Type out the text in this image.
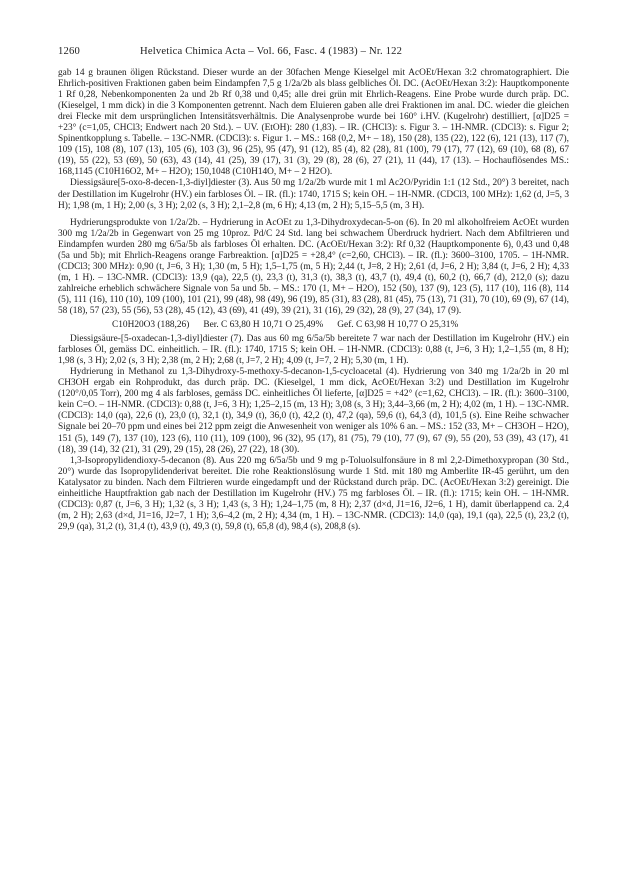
1260	Helvetica Chimica Acta – Vol. 66, Fasc. 4 (1983) – Nr. 122

gab 14 g braunen öligen Rückstand. Dieser wurde an der 30fachen Menge Kieselgel mit AcOEt/Hexan 3:2 chromatographiert. Die Ehrlich-positiven Fraktionen gaben beim Eindampfen 7,5 g 1/2a/2b als blass gelbliches Öl. DC. (AcOEt/Hexan 3:2): Hauptkomponente 1 Rf 0,28, Nebenkomponenten 2a und 2b Rf 0,38 und 0,45; alle drei grün mit Ehrlich-Reagens. Eine Probe wurde durch präp. DC. (Kieselgel, 1 mm dick) in die 3 Komponenten getrennt. Nach dem Eluieren gaben alle drei Fraktionen im anal. DC. wieder die gleichen drei Flecke mit dem ursprünglichen Intensitätsverhältnis. Die Analysenprobe wurde bei 160° i.HV. (Kugelrohr) destilliert, [α]D25 = +23° (c=1,05, CHCl3; Endwert nach 20 Std.). – UV. (EtOH): 280 (1,83). – IR. (CHCl3): s. Figur 3. – 1H-NMR. (CDCl3): s. Figur 2; Spinentkopplung s. Tabelle. – 13C-NMR. (CDCl3): s. Figur 1. – MS.: 168 (0,2, M+ – 18), 150 (28), 135 (22), 122 (6), 121 (13), 117 (7), 109 (15), 108 (8), 107 (13), 105 (6), 103 (3), 96 (25), 95 (47), 91 (12), 85 (4), 82 (28), 81 (100), 79 (17), 77 (12), 69 (10), 68 (8), 67 (19), 55 (22), 53 (69), 50 (63), 43 (14), 41 (25), 39 (17), 31 (3), 29 (8), 28 (6), 27 (21), 11 (44), 17 (13). – Hochauflösendes MS.: 168,1145 (C10H16O2, M+ – H2O); 150,1048 (C10H14O, M+ – 2 H2O).

Diessigsäure[5-oxo-8-decen-1,3-diyl]diester (3). Aus 50 mg 1/2a/2b wurde mit 1 ml Ac2O/Pyridin 1:1 (12 Std., 20°) 3 bereitet, nach der Destillation im Kugelrohr (HV.) ein farbloses Öl. – IR. (fl.): 1740, 1715 S; kein OH. – 1H-NMR. (CDCl3, 100 MHz): 1,62 (d, J=5, 3 H); 1,98 (m, 1 H); 2,00 (s, 3 H); 2,02 (s, 3 H); 2,1–2,8 (m, 6 H); 4,13 (m, 2 H); 5,15–5,5 (m, 3 H).

Hydrierungsprodukte von 1/2a/2b. – Hydrierung in AcOEt zu 1,3-Dihydroxydecan-5-on (6). In 20 ml alkoholfreiem AcOEt wurden 300 mg 1/2a/2b in Gegenwart von 25 mg 10proz. Pd/C 24 Std. lang bei schwachem Überdruck hydriert. Nach dem Abfiltrieren und Eindampfen wurden 280 mg 6/5a/5b als farbloses Öl erhalten. DC. (AcOEt/Hexan 3:2): Rf 0,32 (Hauptkomponente 6), 0,43 und 0,48 (5a und 5b); mit Ehrlich-Reagens orange Farbreaktion. [α]D25 = +28,4° (c=2,60, CHCl3). – IR. (fl.): 3600–3100, 1705. – 1H-NMR. (CDCl3; 300 MHz): 0,90 (t, J=6, 3 H); 1,30 (m, 5 H); 1,5–1,75 (m, 5 H); 2,44 (t, J=8, 2 H); 2,61 (d, J=6, 2 H); 3,84 (t, J=6, 2 H); 4,33 (m, 1 H). – 13C-NMR. (CDCl3): 13,9 (qa), 22,5 (t), 23,3 (t), 31,3 (t), 38,3 (t), 43,7 (t), 49,4 (t), 60,2 (t), 66,7 (d), 212,0 (s); dazu zahlreiche erheblich schwächere Signale von 5a und 5b. – MS.: 170 (1, M+ – H2O), 152 (50), 137 (9), 123 (5), 117 (10), 116 (8), 114 (5), 111 (16), 110 (10), 109 (100), 101 (21), 99 (48), 98 (49), 96 (19), 85 (31), 83 (28), 81 (45), 75 (13), 71 (31), 70 (10), 69 (9), 67 (14), 58 (18), 57 (23), 55 (56), 53 (28), 45 (12), 43 (69), 41 (49), 39 (21), 31 (16), 29 (32), 28 (9), 27 (34), 17 (9).

C10H20O3 (188,26) Ber. C 63,80 H 10,71 O 25,49% Gef. C 63,98 H 10,77 O 25,31%

Diessigsäure-[5-oxadecan-1,3-diyl]diester (7). Das aus 60 mg 6/5a/5b bereitete 7 war nach der Destillation im Kugelrohr (HV.) ein farbloses Öl, gemäss DC. einheitlich. – IR. (fl.): 1740, 1715 S; kein OH. – 1H-NMR. (CDCl3): 0,88 (t, J=6, 3 H); 1,2–1,55 (m, 8 H); 1,98 (s, 3 H); 2,02 (s, 3 H); 2,38 (m, 2 H); 2,68 (t, J=7, 2 H); 4,09 (t, J=7, 2 H); 5,30 (m, 1 H).

Hydrierung in Methanol zu 1,3-Dihydroxy-5-methoxy-5-decanon-1,5-cycloacetal (4). Hydrierung von 340 mg 1/2a/2b in 20 ml CH3OH ergab ein Rohprodukt, das durch präp. DC. (Kieselgel, 1 mm dick, AcOEt/Hexan 3:2) und Destillation im Kugelrohr (120°/0,05 Torr), 200 mg 4 als farbloses, gemäss DC. einheitliches Öl lieferte, [α]D25 = +42° (c=1,62, CHCl3). – IR. (fl.): 3600–3100, kein C=O. – 1H-NMR. (CDCl3): 0,88 (t, J=6, 3 H); 1,25–2,15 (m, 13 H); 3,08 (s, 3 H); 3,44–3,66 (m, 2 H); 4,02 (m, 1 H). – 13C-NMR. (CDCl3): 14,0 (qa), 22,6 (t), 23,0 (t), 32,1 (t), 34,9 (t), 36,0 (t), 42,2 (t), 47,2 (qa), 59,6 (t), 64,3 (d), 101,5 (s). Eine Reihe schwacher Signale bei 20–70 ppm und eines bei 212 ppm zeigt die Anwesenheit von weniger als 10% 6 an. – MS.: 152 (33, M+ – CH3OH – H2O), 151 (5), 149 (7), 137 (10), 123 (6), 110 (11), 109 (100), 96 (32), 95 (17), 81 (75), 79 (10), 77 (9), 67 (9), 55 (20), 53 (39), 43 (17), 41 (18), 39 (14), 32 (21), 31 (29), 29 (15), 28 (26), 27 (22), 18 (30).

1,3-Isopropylidendioxy-5-decanon (8). Aus 220 mg 6/5a/5b und 9 mg p-Toluolsulfonsäure in 8 ml 2,2-Dimethoxypropan (30 Std., 20°) wurde das Isopropylidenderivat bereitet. Die rohe Reaktionslösung wurde 1 Std. mit 180 mg Amberlite IR-45 gerührt, um den Katalysator zu binden. Nach dem Filtrieren wurde eingedampft und der Rückstand durch präp. DC. (AcOEt/Hexan 3:2) gereinigt. Die einheitliche Hauptfraktion gab nach der Destillation im Kugelrohr (HV.) 75 mg farbloses Öl. – IR. (fl.): 1715; kein OH. – 1H-NMR. (CDCl3): 0,87 (t, J=6, 3 H); 1,32 (s, 3 H); 1,43 (s, 3 H); 1,24–1,75 (m, 8 H); 2,37 (d×d, J1=16, J2=6, 1 H), damit überlappend ca. 2,4 (m, 2 H); 2,63 (d×d, J1=16, J2=7, 1 H); 3,6–4,2 (m, 2 H); 4,34 (m, 1 H). – 13C-NMR. (CDCl3): 14,0 (qa), 19,1 (qa), 22,5 (t), 23,2 (t), 29,9 (qa), 31,2 (t), 31,4 (t), 43,9 (t), 49,3 (t), 59,8 (t), 65,8 (d), 98,4 (s), 208,8 (s).
